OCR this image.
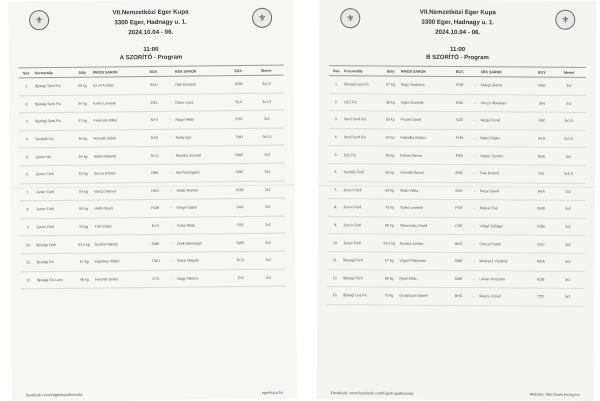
⚜
VII.Nemzetközi Eger Kupa
3300 Eger, Hadnagy u. 1.
2024.10.04 - 06.
⚜
11:00
A SZORÍTÓ - Program
Ssz.	Korosztály	Súly	PIROS SAROK	EGY.	KÉK SAROK	EGY.	Menet
1.	Ifjúsági Serd.Fiú	60 kg	Sz.vil András	RCU	-	Ottó Dominik	KÖB	3x1,5
2.	Ifjúsági Serd.Fiú	54 kg	Kolos Levente	ESX	-	Olám Lajos	SLG	3x1,5
3.	Ifjúsági Serd.Fiú	67 kg	Petemán Milán	NYV	-	Nagyi Milán	FHR	3x1
4.	Serdülő Fiú	46 kg	Horváth Zalán	RSK	-	Sallai Igor	TMO	3x1,5
5.	Junior Nő	54 kg	Móka Roberta	RCU	-	Maróka Zsanett	SWE	3x2
6.	Junior Férfi	62 kg	Kocza Róbert	OBK	-	Ast Remington	SWE	3x2
7.	Junior Férfi	54 kg	Varázs Bence	HSS	-	Séder Rómeó	KÖB	3x2
8.	Junior Férfi	58 kg	Holló Dávid	KÖB	-	Gergő Gábor	SAR	3x2
9.	Junior Férfi	63 kg	Tóth Zalán	EVS	-	Csiha Máté	CSE	3x2
10.	Ifjúsági Férfi	63,5 kg	Dzobor Nikolai	SWE	-	Zsolt Hámorgyó	SWE	3x2
11.	Ifjúsági Fiú	57 kg	Kapitány Villám	TMO	-	Rotos Mátyás	RCU	3x1
12.	Ifjúsági Fiú Lány	48 kg	Horváth Dorka	KTS	-	Nagy Viktória	EXI	3x1
facebook.com/eiggerkupaboxolas	egerkupa.hu
⚜
VII.Nemzetközi Eger Kupa
3300 Eger, Hadnagy u. 1.
2024.10.04 - 06.
⚜
11:00
B SZORÍTÓ - Program
Ssz.	Korosztály	Súly	PIROS SAROK	EGY.	KÉK SAROK	EGY.	Menet
1.	Ifjúsági Leá.Fiú	57 kg	Nagy Szabolcs	FHR	-	Balogh Barna	RSK	3x1
2.	U12 Fiú	38 kg	Vajna Dominik	RSK	-	Vincző Ábrahám	SIN	3x1
3.	Serd.Serd.Fiú	50 kg	Pócsik Dávid	SZE	-	Varga Donát	VBC	3x1,5
4.	Serd.Serd.Fiú	63 kg	Hajnalka Balázs	FHR	-	Bathó Rajka	AKA	3x1,5
5.	U12 Fiú	36 kg	Farkas Bence	FSR	-	Kántor Sándor	RSK	3x1
6.	Serdülő Férfi	60 kg	Horváth Dezső	RSK	-	Falu Roland	EXI	3x1,5
7.	Junior Férfi	54 kg	Ádám Attila	ESX	-	Hazai Dávid	AKA	3x2
8.	Junior Férfi	75 kg	Tanka Levente	FSR	-	Molnár Pap	SWE	3x2
9.	Junior Férfi	80 kg	Takacsicky Dávid	CSE	-	Völgyi Szilágyi	KÖB	3x2
10.	Junior Férfi	57,5 kg	Kovács Jordan	BHS	-	Gönczi Patrik	SZÜ	3x2
11.	Ifjúsági Férfi	67 kg	Vígyel Fetlonsen	SWE	-	Medvecz Vladimír	MDA	3x2
12.	Ifjúsági Férfi	80 kg	Nyári Attila	SWE	-	Lukner Krisztián	KÖB	3x2
13.	Ifjúsági Leá.Fiú	70 kg	Gyarpszán Dániel	BHS	-	Balázs József	TTO	3x2
Facebook: www.facebook.com/EgerKupaBoxolas	Website: http://www.boxeg.hu
